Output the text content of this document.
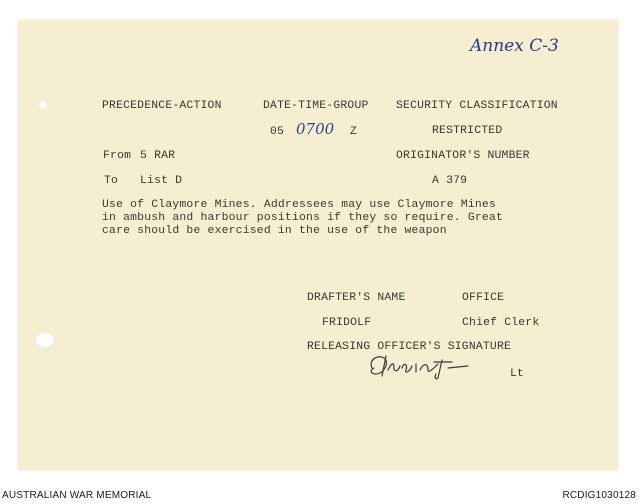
Annex C-3
PRECEDENCE-ACTION	DATE-TIME-GROUP SECURITY CLASSIFICATION
05 0700 Z	RESTRICTED
From 5 RAR	ORIGINATOR'S NUMBER
To List D	A 379
Use of Claymore Mines. Addressees may use Claymore Mines
in ambush and harbour positions if they so require. Great
care should be exercised in the use of the weapon
DRAFTER'S NAME	OFFICE
FRIDOLF	Chief Clerk
RELEASING OFFICER'S SIGNATURE
Lt
AUSTRALIAN WAR MEMORIAL	RCDIG1030128
